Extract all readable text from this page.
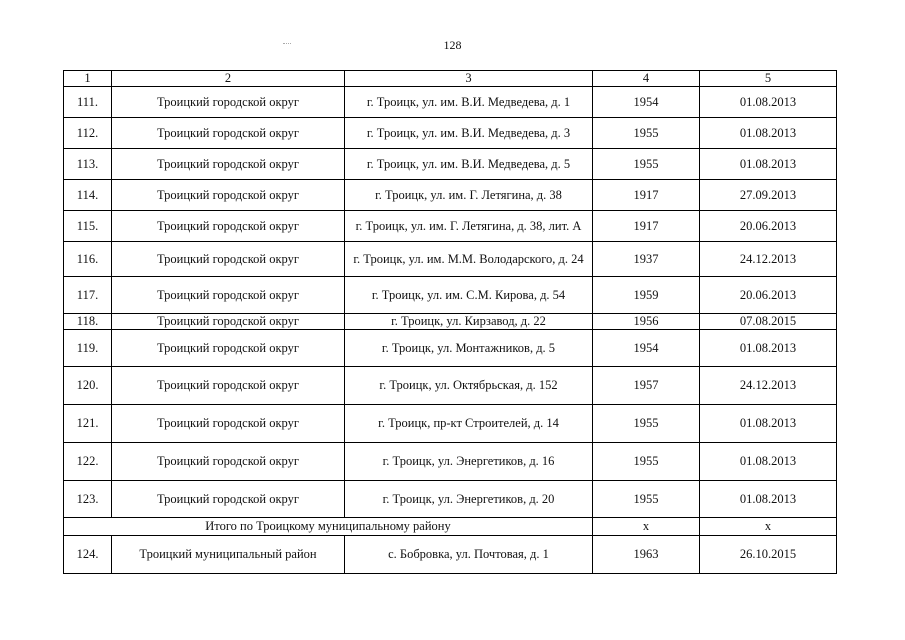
128
1	2	3	4	5
111.	Троицкий городской округ	г. Троицк, ул. им. В.И. Медведева, д. 1	1954	01.08.2013
112.	Троицкий городской округ	г. Троицк, ул. им. В.И. Медведева, д. 3	1955	01.08.2013
113.	Троицкий городской округ	г. Троицк, ул. им. В.И. Медведева, д. 5	1955	01.08.2013
114.	Троицкий городской округ	г. Троицк, ул. им. Г. Летягина, д. 38	1917	27.09.2013
115.	Троицкий городской округ	г. Троицк, ул. им. Г. Летягина, д. 38, лит. А	1917	20.06.2013
116.	Троицкий городской округ	г. Троицк, ул. им. М.М. Володарского, д. 24	1937	24.12.2013
117.	Троицкий городской округ	г. Троицк, ул. им. С.М. Кирова, д. 54	1959	20.06.2013
118.	Троицкий городской округ	г. Троицк, ул. Кирзавод, д. 22	1956	07.08.2015
119.	Троицкий городской округ	г. Троицк, ул. Монтажников, д. 5	1954	01.08.2013
120.	Троицкий городской округ	г. Троицк, ул. Октябрьская, д. 152	1957	24.12.2013
121.	Троицкий городской округ	г. Троицк, пр-кт Строителей, д. 14	1955	01.08.2013
122.	Троицкий городской округ	г. Троицк, ул. Энергетиков, д. 16	1955	01.08.2013
123.	Троицкий городской округ	г. Троицк, ул. Энергетиков, д. 20	1955	01.08.2013
Итого по Троицкому муниципальному району			х	х
124.	Троицкий муниципальный район	с. Бобровка, ул. Почтовая, д. 1	1963	26.10.2015
